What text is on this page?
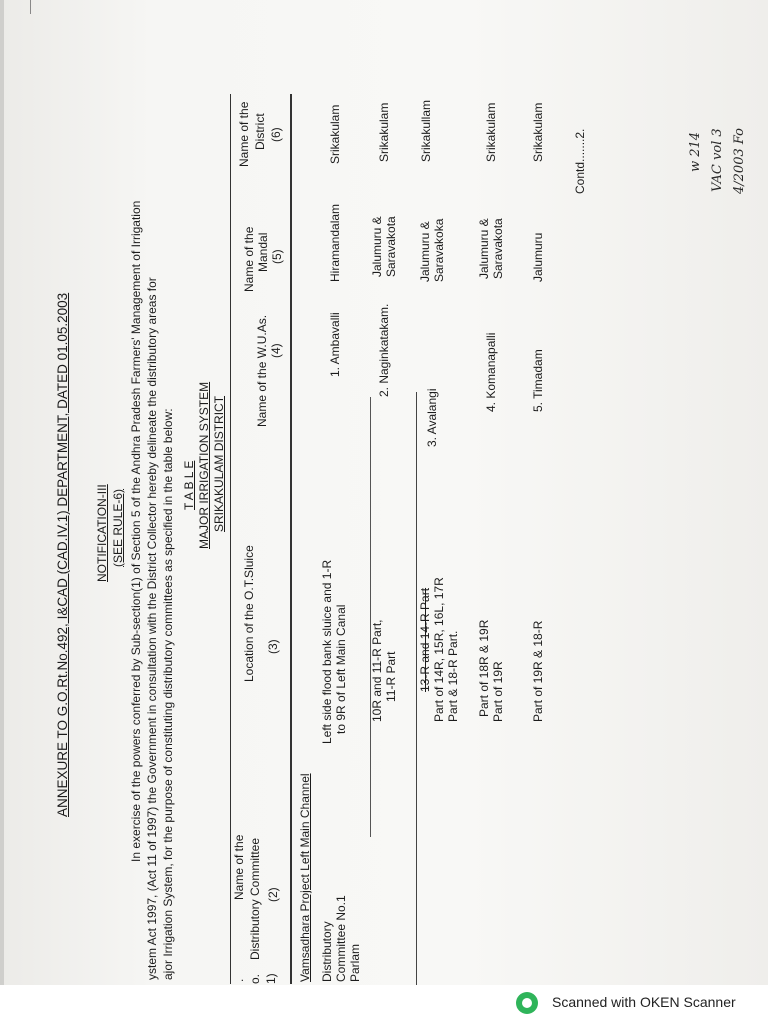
w 214 VAC vol 3 4/2003 Fo
ANNEXURE TO G.O.Rt.No.492, I&CAD (CAD.IV.1) DEPARTMENT, DATED 01.05.2003 NOTIFICATION-III (SEE RULE-6) In exercise of the powers conferred by Sub-section(1) of Section 5 of the Andhra Pradesh Farmers' Management of Irrigation ystem Act 1997, (Act 11 of 1997) the Government in consultation with the District Collector hereby delineate the distributory areas for ajor Irrigation System, for the purpose of constituting distributory committees as specified in the table below: T A B L E MAJOR IRRIGATION SYSTEM SRIKAKULAM DISTRICT
. o. 1)
Name of the Distributory Committee (2)
Location of the O.T.Sluice (3)
Name of the W.U.As. (4)
Name of the Mandal (5)
Name of the District (6)
Vamsadhara Project Left Main Channel Distributory Committee No.1 Parlam
Left side flood bank sluice and 1-R to 9R of Left Main Canal
1. Ambavalli
Hiramandalam
Srikakulam
10R and 11-R Part, 11-R Part
2. Naginkatakam.
Jalumuru & Saravakota
Srikakulam
13-R and 14-R Part Part of 14R, 15R, 16L, 17R Part & 18-R Part.
3. Avalangi
Jalumuru & Saravakoka
Srikakullam
Part of 18R & 19R Part of 19R
4. Komanapalli
Jalumuru & Saravakota
Srikakulam
Part of 19R & 18-R
5. Timadam
Jalumuru
Srikakulam Contd.......2.
Scanned with OKEN Scanner
